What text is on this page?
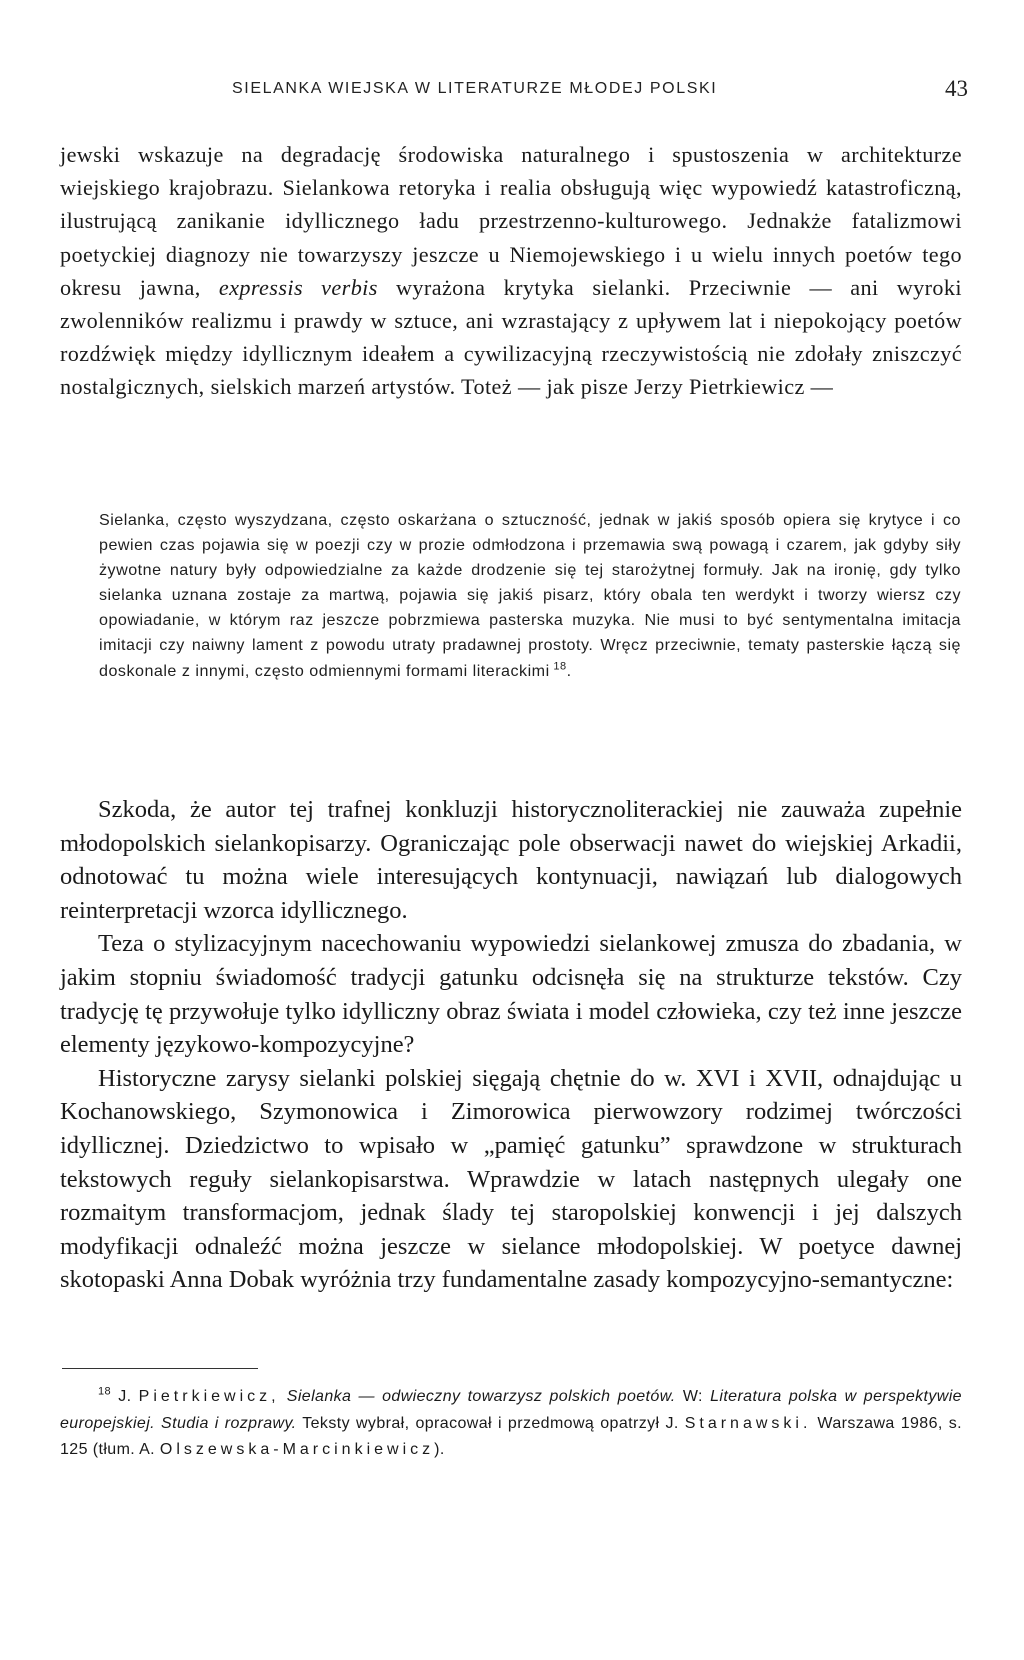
SIELANKA WIEJSKA W LITERATURZE MŁODEJ POLSKI	43

jewski wskazuje na degradację środowiska naturalnego i spustoszenia w architekturze wiejskiego krajobrazu. Sielankowa retoryka i realia obsługują więc wypowiedź katastroficzną, ilustrującą zanikanie idyllicznego ładu przestrzenno-kulturowego. Jednakże fatalizmowi poetyckiej diagnozy nie towarzyszy jeszcze u Niemojewskiego i u wielu innych poetów tego okresu jawna, expressis verbis wyrażona krytyka sielanki. Przeciwnie — ani wyroki zwolenników realizmu i prawdy w sztuce, ani wzrastający z upływem lat i niepokojący poetów rozdźwięk między idyllicznym ideałem a cywilizacyjną rzeczywistością nie zdołały zniszczyć nostalgicznych, sielskich marzeń artystów. Toteż — jak pisze Jerzy Pietrkiewicz —

Sielanka, często wyszydzana, często oskarżana o sztuczność, jednak w jakiś sposób opiera się krytyce i co pewien czas pojawia się w poezji czy w prozie odmłodzona i przemawia swą powagą i czarem, jak gdyby siły żywotne natury były odpowiedzialne za każde drodzenie się tej starożytnej formuły. Jak na ironię, gdy tylko sielanka uznana zostaje za martwą, pojawia się jakiś pisarz, który obala ten werdykt i tworzy wiersz czy opowiadanie, w którym raz jeszcze pobrzmiewa pasterska muzyka. Nie musi to być sentymentalna imitacja imitacji czy naiwny lament z powodu utraty pradawnej prostoty. Wręcz przeciwnie, tematy pasterskie łączą się doskonale z innymi, często odmiennymi formami literackimi  $^{18}$.

Szkoda, że autor tej trafnej konkluzji historycznoliterackiej nie zauważa zupełnie młodopolskich sielankopisarzy. Ograniczając pole obserwacji nawet do wiejskiej Arkadii, odnotować tu można wiele interesujących kontynuacji, nawiązań lub dialogowych reinterpretacji wzorca idyllicznego.

Teza o stylizacyjnym nacechowaniu wypowiedzi sielankowej zmusza do zbadania, w jakim stopniu świadomość tradycji gatunku odcisnęła się na strukturze tekstów. Czy tradycję tę przywołuje tylko idylliczny obraz świata i model człowieka, czy też inne jeszcze elementy językowo-kompozycyjne?

Historyczne zarysy sielanki polskiej sięgają chętnie do w. XVI i XVII, odnajdując u Kochanowskiego, Szymonowica i Zimorowica pierwowzory rodzimej twórczości idyllicznej. Dziedzictwo to wpisało w „pamięć gatunku” sprawdzone w strukturach tekstowych reguły sielankopisarstwa. Wprawdzie w latach następnych ulegały one rozmaitym transformacjom, jednak ślady tej staropolskiej konwencji i jej dalszych modyfikacji odnaleźć można jeszcze w sielance młodopolskiej. W poetyce dawnej skotopaski Anna Dobak wyróżnia trzy fundamentalne zasady kompozycyjno-semantyczne:

$^{18}$ J. Pietrkiewicz, Sielanka — odwieczny towarzysz polskich poetów. W: Literatura polska w perspektywie europejskiej. Studia i rozprawy. Teksty wybrał, opracował i przedmową opatrzył J. Starnawski. Warszawa 1986, s. 125 (tłum. A. Olszewska-Marcinkiewicz).
